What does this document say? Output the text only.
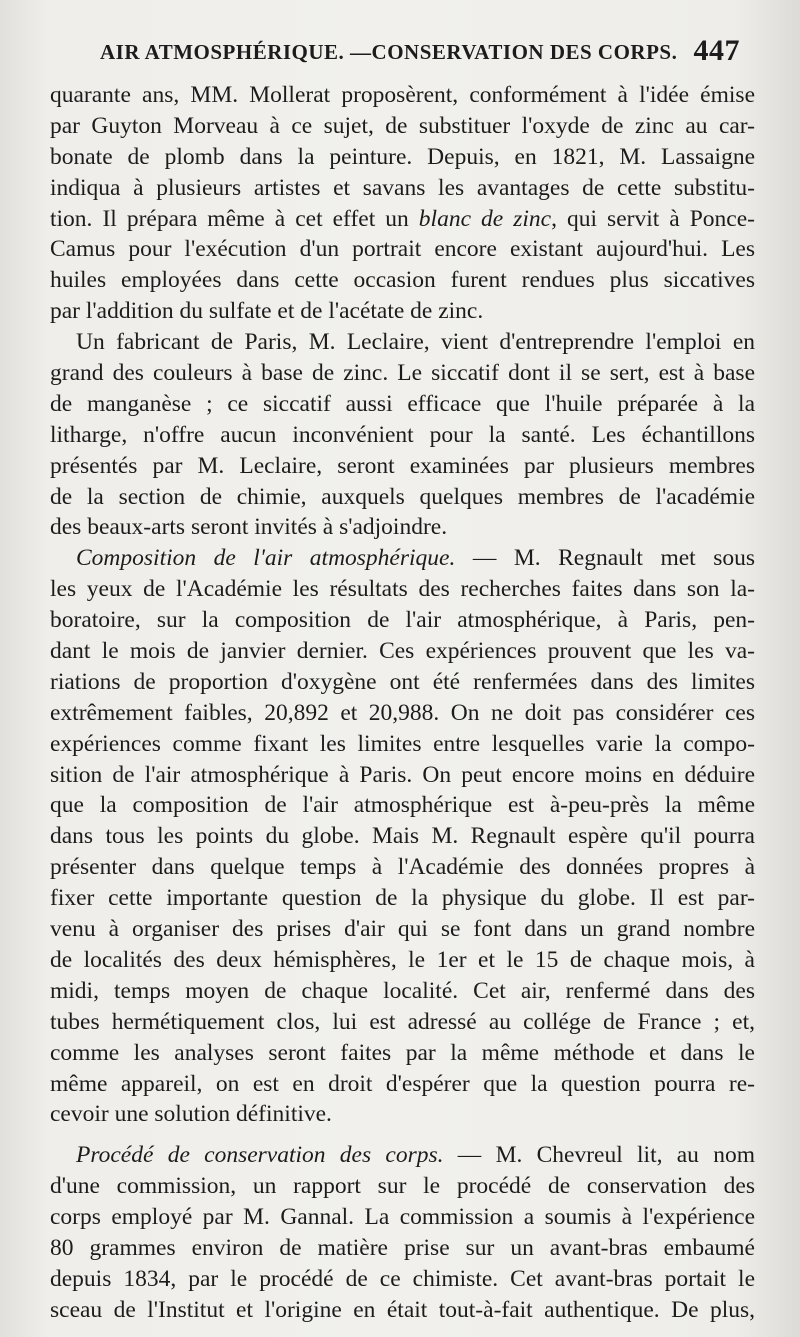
AIR ATMOSPHÉRIQUE. —CONSERVATION DES CORPS. 447
quarante ans, MM. Mollerat proposèrent, conformément à l'idée émise
par Guyton Morveau à ce sujet, de substituer l'oxyde de zinc au car-
bonate de plomb dans la peinture. Depuis, en 1821, M. Lassaigne
indiqua à plusieurs artistes et savans les avantages de cette substitu-
tion. Il prépara même à cet effet un blanc de zinc, qui servit à Ponce-
Camus pour l'exécution d'un portrait encore existant aujourd'hui. Les
huiles employées dans cette occasion furent rendues plus siccatives
par l'addition du sulfate et de l'acétate de zinc.
Un fabricant de Paris, M. Leclaire, vient d'entreprendre l'emploi en
grand des couleurs à base de zinc. Le siccatif dont il se sert, est à base
de manganèse ; ce siccatif aussi efficace que l'huile préparée à la
litharge, n'offre aucun inconvénient pour la santé. Les échantillons
présentés par M. Leclaire, seront examinées par plusieurs membres
de la section de chimie, auxquels quelques membres de l'académie
des beaux-arts seront invités à s'adjoindre.
Composition de l'air atmosphérique. — M. Regnault met sous
les yeux de l'Académie les résultats des recherches faites dans son la-
boratoire, sur la composition de l'air atmosphérique, à Paris, pen-
dant le mois de janvier dernier. Ces expériences prouvent que les va-
riations de proportion d'oxygène ont été renfermées dans des limites
extrêmement faibles, 20,892 et 20,988. On ne doit pas considérer ces
expériences comme fixant les limites entre lesquelles varie la compo-
sition de l'air atmosphérique à Paris. On peut encore moins en déduire
que la composition de l'air atmosphérique est à-peu-près la même
dans tous les points du globe. Mais M. Regnault espère qu'il pourra
présenter dans quelque temps à l'Académie des données propres à
fixer cette importante question de la physique du globe. Il est par-
venu à organiser des prises d'air qui se font dans un grand nombre
de localités des deux hémisphères, le 1er et le 15 de chaque mois, à
midi, temps moyen de chaque localité. Cet air, renfermé dans des
tubes hermétiquement clos, lui est adressé au collége de France ; et,
comme les analyses seront faites par la même méthode et dans le
même appareil, on est en droit d'espérer que la question pourra re-
cevoir une solution définitive.
Procédé de conservation des corps. — M. Chevreul lit, au nom
d'une commission, un rapport sur le procédé de conservation des
corps employé par M. Gannal. La commission a soumis à l'expérience
80 grammes environ de matière prise sur un avant-bras embaumé
depuis 1834, par le procédé de ce chimiste. Cet avant-bras portait le
sceau de l'Institut et l'origine en était tout-à-fait authentique. De plus,
